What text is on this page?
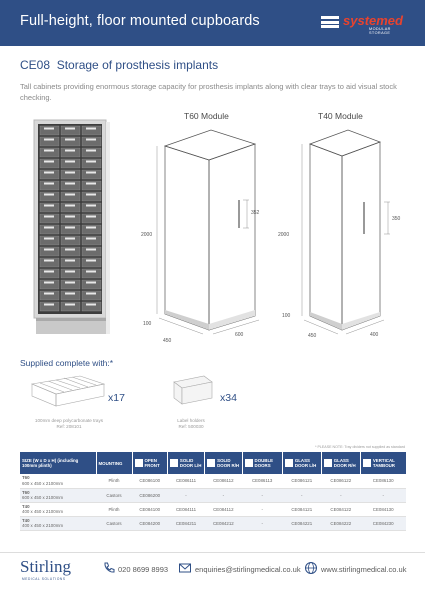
Full-height, floor mounted cupboards	systemed
MODULAR STORAGE
CE08 Storage of prosthesis implants
Tall cabinets providing enormous storage capacity for prosthesis implants along with clear trays to aid visual stock checking.
T60 Module
2000
352
100
450
600
T40 Module
2000
350
100
450	400
Supplied complete with:*
x17
100mm deep polycarbonate trays
Ref: 208101
x34
Label holders
Ref: 500030
* PLEASE NOTE: Tray dividers not supplied as standard
SIZE (W x D x H) (including 100mm plinth)	MOUNTING	OPEN FRONT	SOLID DOOR L/H	SOLID DOOR R/H	DOUBLE DOORS	GLASS DOOR L/H	GLASS DOOR R/H	VERTICAL TAMBOUR

T60
600 x 450 x 2100mm	Plinth	CE086100	CE086111	CE086112	CE086113	CE086121	CE086122	CE086130
T60
600 x 450 x 2100mm	Castors	CE086200	-	-	-	-	-	-
T40
400 x 450 x 2100mm	Plinth	CE084100	CE084111	CE084112	-	CE084121	CE084122	CE084130
T40
400 x 450 x 2100mm	Castors	CE084200	CE084211	CE084212	-	CE084221	CE084222	CE084230
Stirling
MEDICAL SOLUTIONS
020 8699 8993	enquiries@stirlingmedical.co.uk	www.stirlingmedical.co.uk
